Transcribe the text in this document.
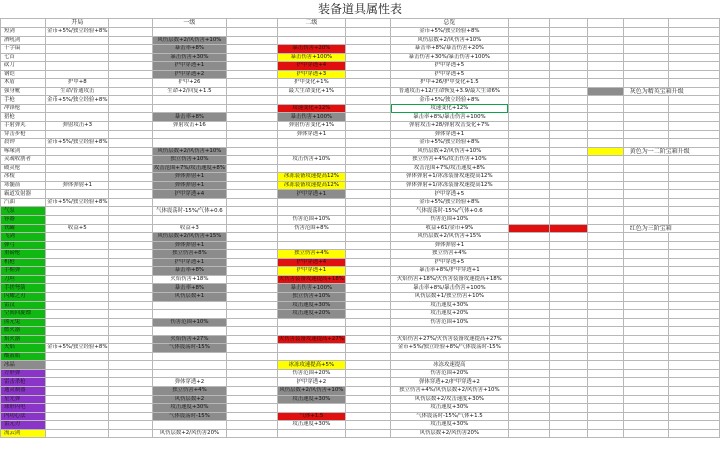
装备道具属性表
	开局		一级		二级		总览					
短剑	金币+5%/独立经验+8%						金币+5%/独立经验+8%					
酒吼剑			风伤层数+2/风伤害+10%				风伤层数+2/风伤害+10%					
十字镐			暴击率+8%		暴击伤害+20%		暴击率+8%/暴击伤害+20%					
七首			暴击伤害+30%		暴击伤害+100%		暴击伤害+30%/暴击伤害+100%					
砍刀			护甲穿透+1		护甲穿透+4		护甲穿透+5					
钢铠			护甲穿透+2		护甲穿透+3		护甲穿透+5					
木盾	护甲+8		护甲+26		护甲变化+1%		护甲+26/护甲变化+1.5					
强身靴	生命/普通攻击		生命+2/回复+1.5		最大生命变化+1%		普通攻击+12/生命恢复+3.9/最大生命6%				灰色为精英宝箱升级	
手枪	金币+5%/独立经验+8%						金币+5%/独立经验+8%					
冲锋枪					攻速变化+12%		攻速变化+12%					
猎枪			暴击率+8%		暴击伤害+100%		暴击率+8%/暴击伤害+100%					
手射弹丸	弹射攻击+3		弹射攻击+16		弹射伤害变化+1%		弹射攻击+28/弹射攻击变化+7%					
穿击步枪					弹体穿透+1		弹体穿透+1					
晨钟	金币+5%/独立经验+8%						金币+5%/独立经验+8%					
啄缘剑			风伤层数+2/风伤害+10%				风伤层数+2/风伤害+10%				黄色为一二阶宝箱升级	
灵魂收割者			独立伤害+10%		攻击伤害+10%		独立伤害+4%/攻击伤害+10%					
破灵枪			攻击范围+7%/攻击速度+8%				攻击范围+7%/攻击速度+8%					
冰棱			弹体弹射+1		冰冻装备攻速提高12%		弹体弹射+1/冰冻装备攻速提高12%					
寒髓箭	弹体弹射+1		弹体弹射+1		冰冻装备攻速提高12%		弹体弹射+1/冰冻装备攻速提高12%					
霸道发射器			护甲穿透+4		护甲穿透+1		护甲穿透+5					
汽油	金币+5%/独立经验+8%						金币+5%/独立经验+8%					
气泵			气体震荡时-15%/气体+0.6				气体震荡时-15%/气体+0.6					
容器					伤害范围+10%		伤害范围+10%					
铁罐	收益+5		收益+3		伤害范围+8%		收益+61/金币+9%				红色为三阶宝箱	
飞剑			风伤层数+2/风伤害+15%				风伤层数+2/风伤害+15%					
弹弓			弹体弹射+1				弹体弹射+1					
重磅枪			独立伤害+8%		独立伤害+4%		独立伤害+4%					
机枪			护甲穿透+1		护甲穿透+4		护甲穿透+5					
手榴弹			暴击率+8%		护甲穿透+1		暴击率+8%/护甲穿透+1					
刀坦			火焰伤害+18%		火伤害装备攻速提高+18%		火焰伤害+18%/火伤害装备攻速提高+18%					
手搓弩箭			暴击率+8%		暴击伤害+100%		暴击率+8%/暴击伤害+100%					
闪耀之刃			风伤层数+1		独立伤害+10%		风伤层数+1/独立伤害+10%					
雷汉					攻击速度+30%		攻击速度+30%					
空间回旋镖					攻击速度+20%		攻击速度+20%					
熊元兔			伤害范围+10%				伤害范围+10%					
燃火器												
焰火器			火焰伤害+27%		火伤害装备攻速提高+27%		火焰伤害+27%/火伤害装备攻速提高+27%					
火焰	金币+5%/独立经验+8%		气体震荡时-15%				金币+5%/独立经验+8%/气体震荡时-15%					
酸液瓶												
冰晶					冰冻攻速提高+5%		冰冻攻速提高					
方形弹					伤害范围+20%		伤害范围+20%					
雷击杀枪			弹体穿透+2		护甲穿透+2		弹体穿透+2/护甲穿透+2					
通灵制器			独立伤害+4%		风伤层数+2/风伤害+10%		独立伤害+4%/风伤层数+2/风伤害+10%					
星光弹			风伤层数+2		攻击速度+30%		风伤层数+2/攻击速度+30%					
球形闪电			攻击速度+30%				攻击速度+30%					
内功心法			气体震荡时-15%		气体+1.5		气体震荡时-15%/气体+1.5					
雷元刃					攻击速度+30%		攻击速度+30%					
流云剑			风伤层数+2/风伤害20%				风伤层数+2/风伤害20%					
